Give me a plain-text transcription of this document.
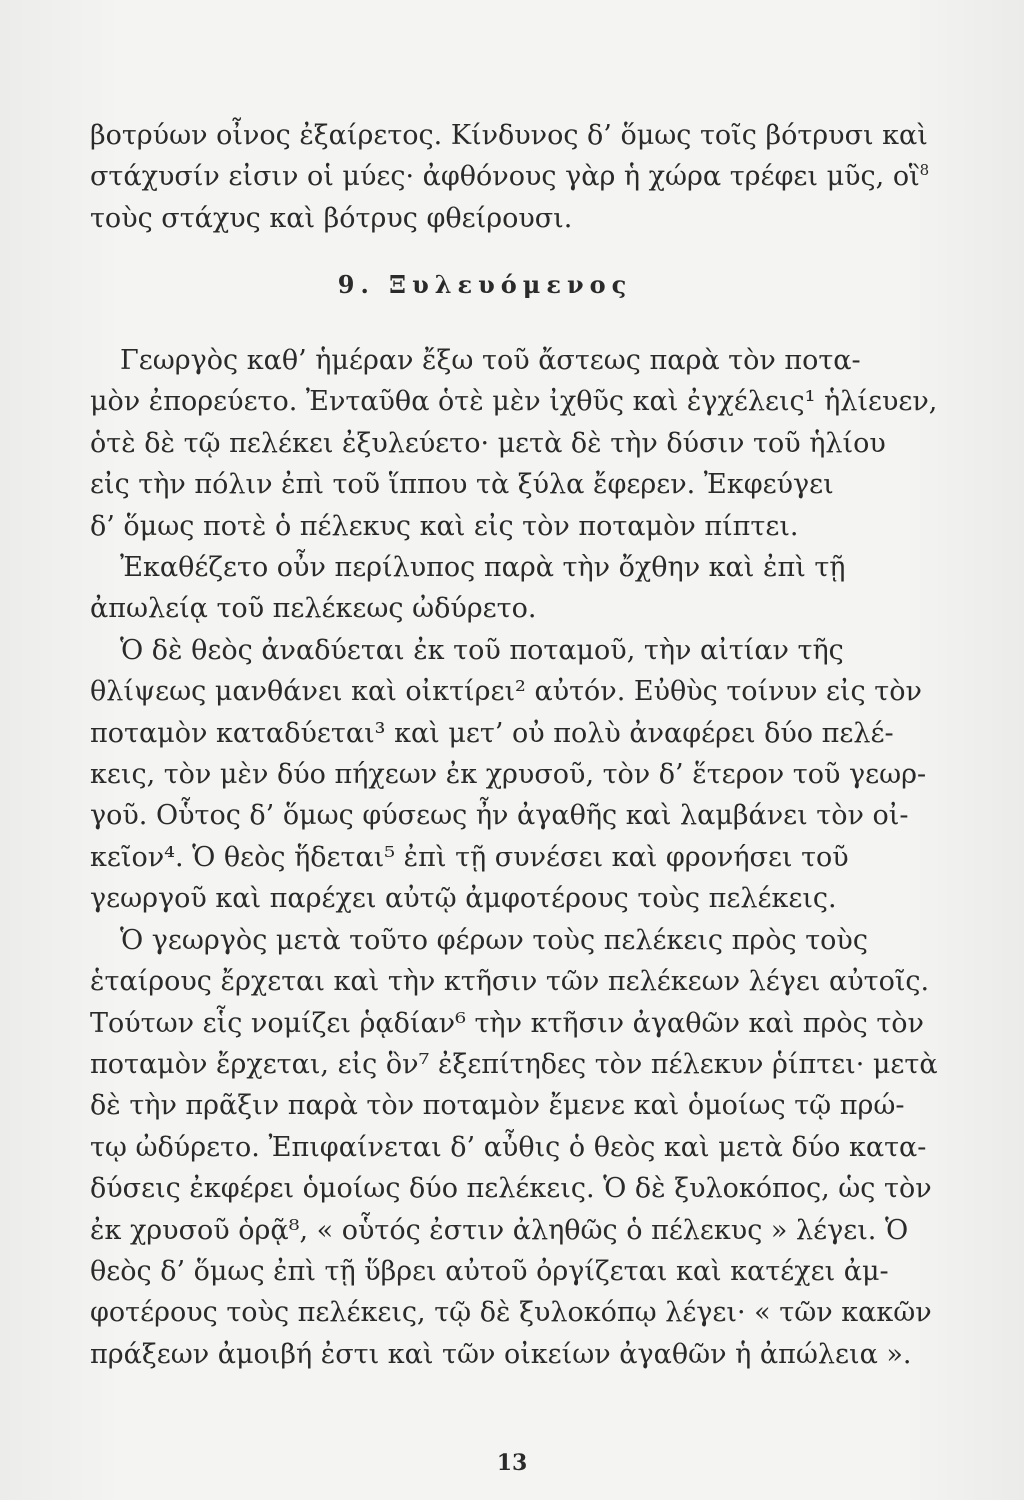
βοτρύων οἶνος ἐξαίρετος. Κίνδυνος δ’ ὅμως τοῖς βότρυσι καὶ
στάχυσίν εἰσιν οἱ μύες· ἀφθόνους γὰρ ἡ χώρα τρέφει μῦς, οἳ$^8$
τοὺς στάχυς καὶ βότρυς φθείρουσι.
9. Ξυλευόμενος
Γεωργὸς καθ’ ἡμέραν ἔξω τοῦ ἄστεως παρὰ τὸν ποτα-
μὸν ἐπορεύετο. Ἐνταῦθα ὁτὲ μὲν ἰχθῦς καὶ ἐγχέλεις¹ ἡλίευεν,
ὁτὲ δὲ τῷ πελέκει ἐξυλεύετο· μετὰ δὲ τὴν δύσιν τοῦ ἡλίου
εἰς τὴν πόλιν ἐπὶ τοῦ ἵππου τὰ ξύλα ἔφερεν. Ἐκφεύγει
δ’ ὅμως ποτὲ ὁ πέλεκυς καὶ εἰς τὸν ποταμὸν πίπτει.
Ἐκαθέζετο οὖν περίλυπος παρὰ τὴν ὄχθην καὶ ἐπὶ τῇ
ἀπωλείᾳ τοῦ πελέκεως ὠδύρετο.
Ὁ δὲ θεὸς ἀναδύεται ἐκ τοῦ ποταμοῦ, τὴν αἰτίαν τῆς
θλίψεως μανθάνει καὶ οἰκτίρει² αὐτόν. Εὐθὺς τοίνυν εἰς τὸν
ποταμὸν καταδύεται³ καὶ μετ’ οὐ πολὺ ἀναφέρει δύο πελέ-
κεις, τὸν μὲν δύο πήχεων ἐκ χρυσοῦ, τὸν δ’ ἕτερον τοῦ γεωρ-
γοῦ. Οὗτος δ’ ὅμως φύσεως ἦν ἀγαθῆς καὶ λαμβάνει τὸν οἰ-
κεῖον⁴. Ὁ θεὸς ἥδεται⁵ ἐπὶ τῇ συνέσει καὶ φρονήσει τοῦ
γεωργοῦ καὶ παρέχει αὐτῷ ἀμφοτέρους τοὺς πελέκεις.
Ὁ γεωργὸς μετὰ τοῦτο φέρων τοὺς πελέκεις πρὸς τοὺς
ἑταίρους ἔρχεται καὶ τὴν κτῆσιν τῶν πελέκεων λέγει αὐτοῖς.
Τούτων εἷς νομίζει ῥᾳδίαν⁶ τὴν κτῆσιν ἀγαθῶν καὶ πρὸς τὸν
ποταμὸν ἔρχεται, εἰς ὃν⁷ ἐξεπίτηδες τὸν πέλεκυν ῥίπτει· μετὰ
δὲ τὴν πρᾶξιν παρὰ τὸν ποταμὸν ἔμενε καὶ ὁμοίως τῷ πρώ-
τῳ ὠδύρετο. Ἐπιφαίνεται δ’ αὖθις ὁ θεὸς καὶ μετὰ δύο κατα-
δύσεις ἐκφέρει ὁμοίως δύο πελέκεις. Ὁ δὲ ξυλοκόπος, ὡς τὸν
ἐκ χρυσοῦ ὁρᾷ⁸, « οὗτός ἐστιν ἀληθῶς ὁ πέλεκυς » λέγει. Ὁ
θεὸς δ’ ὅμως ἐπὶ τῇ ὕβρει αὐτοῦ ὀργίζεται καὶ κατέχει ἀμ-
φοτέρους τοὺς πελέκεις, τῷ δὲ ξυλοκόπῳ λέγει· « τῶν κακῶν
πράξεων ἀμοιβή ἐστι καὶ τῶν οἰκείων ἀγαθῶν ἡ ἀπώλεια ».
13
